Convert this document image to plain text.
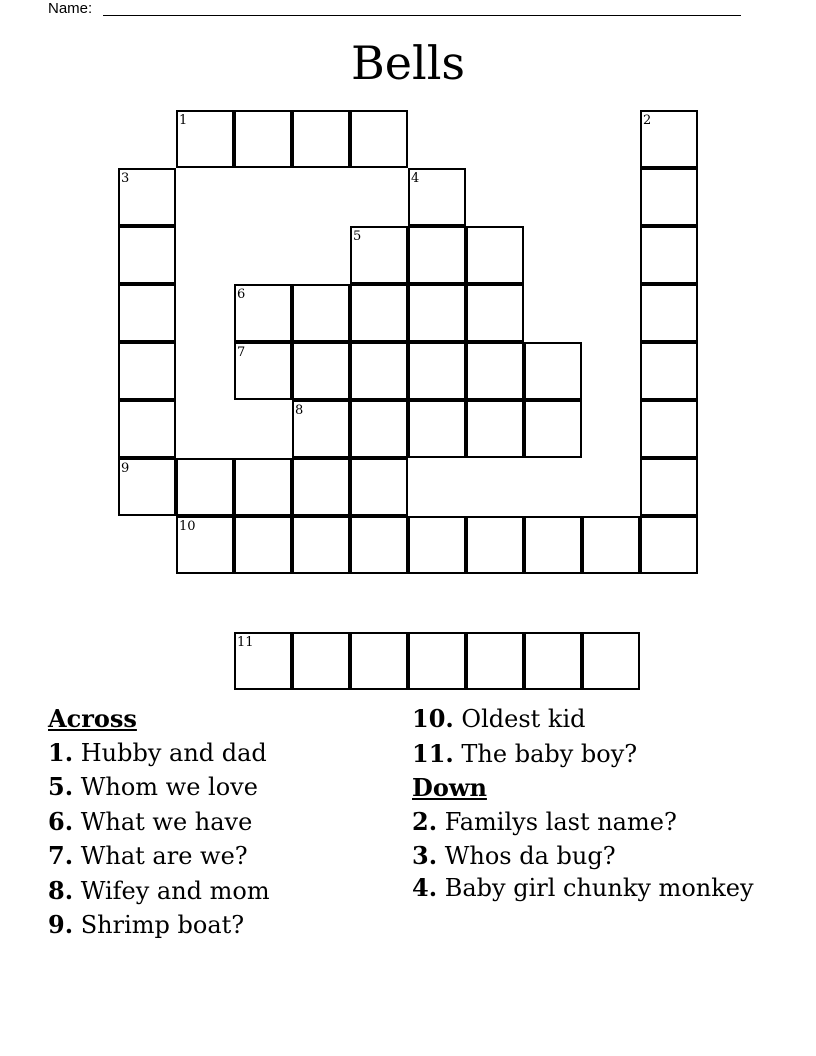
Name:
Bells
1	2
3	4
5
6
7
8
9
10
11
Across
1. Hubby and dad
5. Whom we love
6. What we have
7. What are we?
8. Wifey and mom
9. Shrimp boat?
10. Oldest kid
11. The baby boy?
Down
2. Familys last name?
3. Whos da bug?
4. Baby girl chunky monkey
